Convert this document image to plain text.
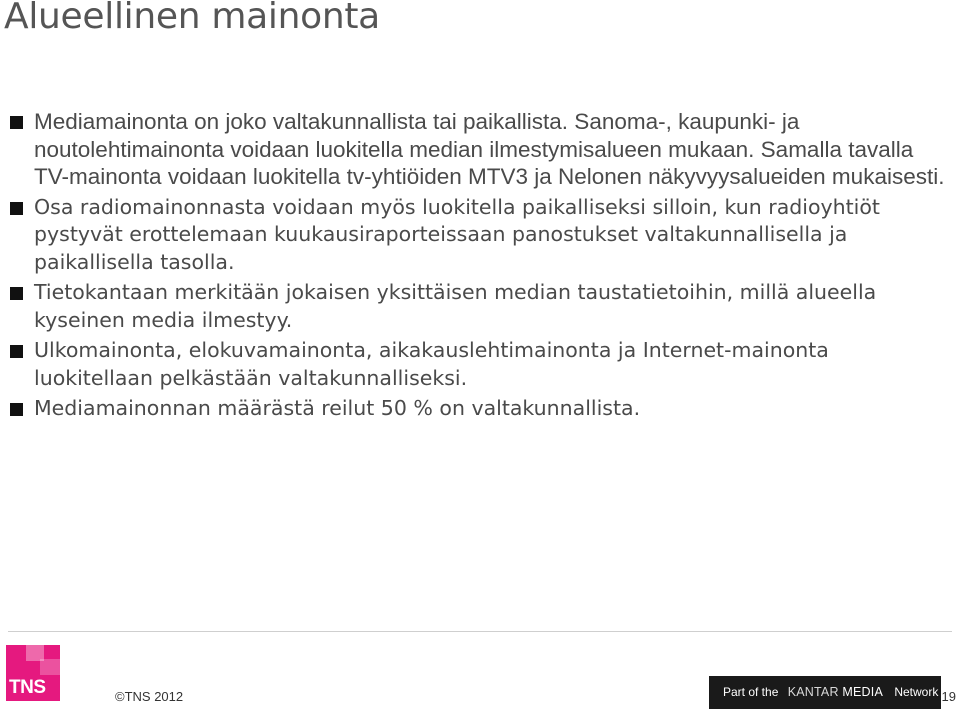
Alueellinen mainonta
Mediamainonta on joko valtakunnallista tai paikallista. Sanoma-, kaupunki- ja noutolehtimainonta voidaan luokitella median ilmestymisalueen mukaan. Samalla tavalla TV-mainonta voidaan luokitella tv-yhtiöiden MTV3 ja Nelonen näkyvyysalueiden mukaisesti.
Osa radiomainonnasta voidaan myös luokitella paikalliseksi silloin, kun radioyhtiöt pystyvät erottelemaan kuukausiraporteissaan panostukset valtakunnallisella ja paikallisella tasolla.
Tietokantaan merkitään jokaisen yksittäisen median taustatietoihin, millä alueella kyseinen media ilmestyy.
Ulkomainonta, elokuvamainonta, aikakauslehtimainonta ja Internet-mainonta luokitellaan pelkästään valtakunnalliseksi.
Mediamainonnan määrästä reilut 50 % on valtakunnallista.
TNS	©TNS 2012	Part of the KANTAR MEDIA Network 19
